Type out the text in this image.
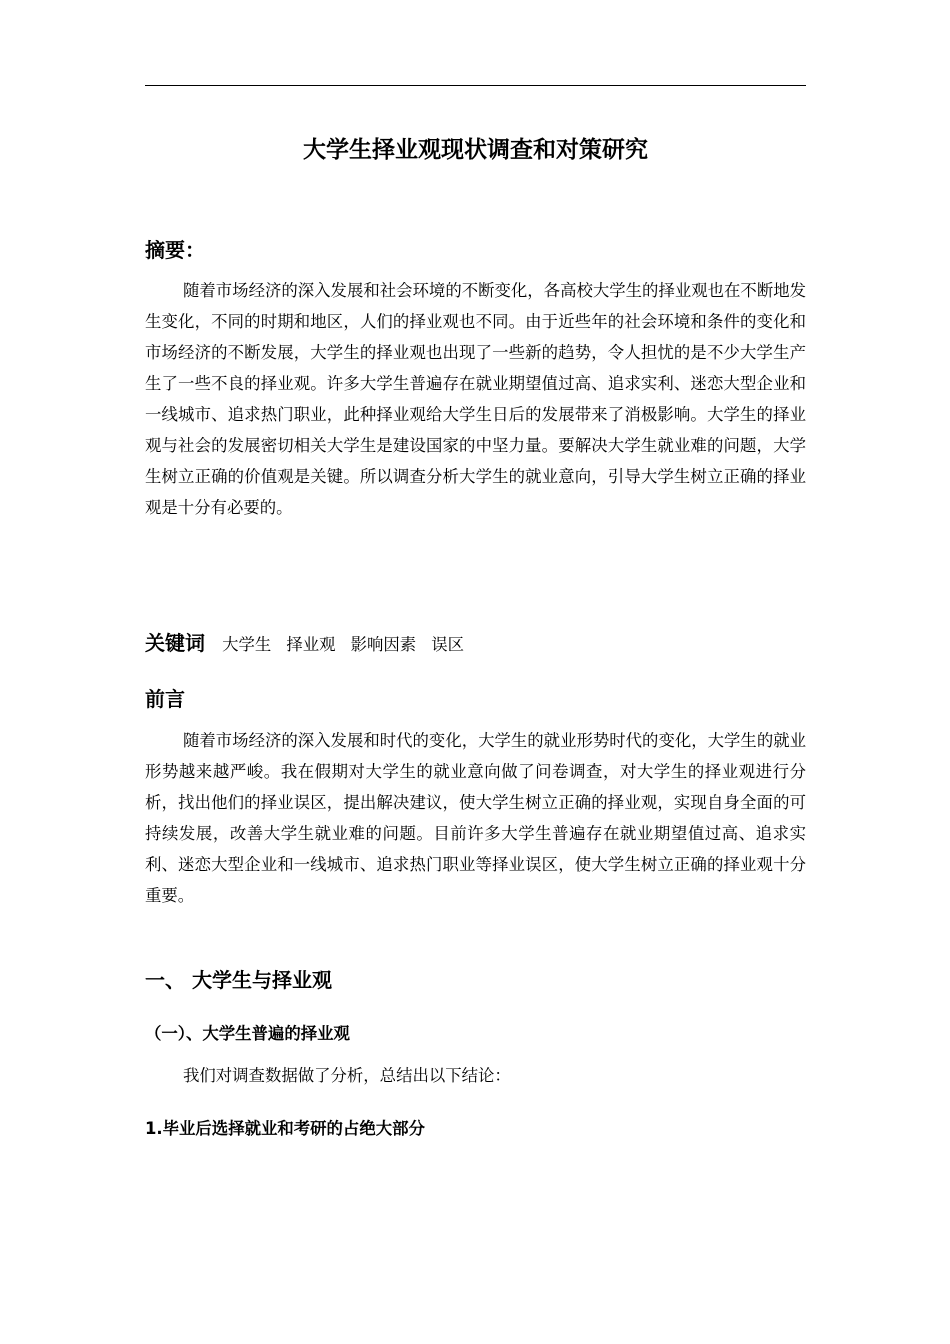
大学生择业观现状调查和对策研究
摘要：

随着市场经济的深入发展和社会环境的不断变化，各高校大学生的择业观也在不断地发生变化，不同的时期和地区，人们的择业观也不同。由于近些年的社会环境和条件的变化和市场经济的不断发展，大学生的择业观也出现了一些新的趋势，令人担忧的是不少大学生产生了一些不良的择业观。许多大学生普遍存在就业期望值过高、追求实利、迷恋大型企业和一线城市、追求热门职业，此种择业观给大学生日后的发展带来了消极影响。大学生的择业观与社会的发展密切相关大学生是建设国家的中坚力量。要解决大学生就业难的问题，大学生树立正确的价值观是关键。所以调查分析大学生的就业意向，引导大学生树立正确的择业观是十分有必要的。

关键词 大学生 择业观 影响因素 误区

前言

随着市场经济的深入发展和时代的变化，大学生的就业形势时代的变化，大学生的就业形势越来越严峻。我在假期对大学生的就业意向做了问卷调查，对大学生的择业观进行分析，找出他们的择业误区，提出解决建议，使大学生树立正确的择业观，实现自身全面的可持续发展，改善大学生就业难的问题。目前许多大学生普遍存在就业期望值过高、追求实利、迷恋大型企业和一线城市、追求热门职业等择业误区，使大学生树立正确的择业观十分重要。

一、 大学生与择业观
（一）、大学生普遍的择业观

我们对调查数据做了分析，总结出以下结论：

1.毕业后选择就业和考研的占绝大部分
